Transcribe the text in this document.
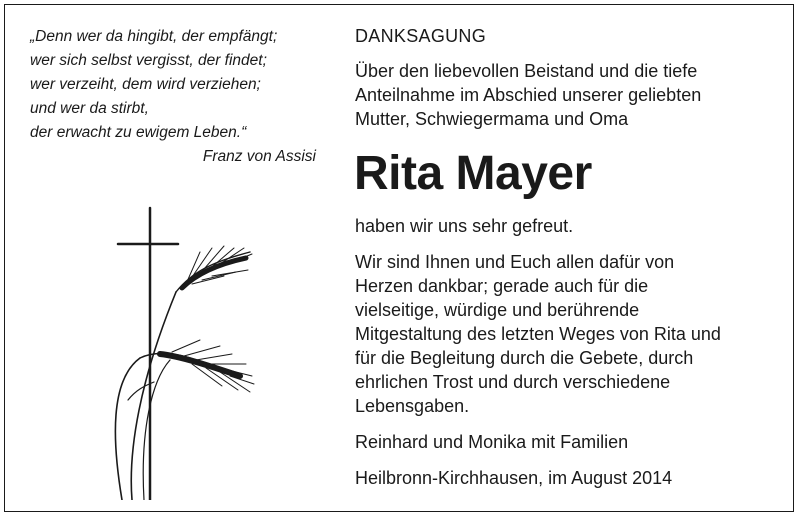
„Denn wer da hingibt, der empfängt;
wer sich selbst vergisst, der findet;
wer verzeiht, dem wird verziehen;
und wer da stirbt,
der erwacht zu ewigem Leben.“
Franz von Assisi
DANKSAGUNG

Über den liebevollen Beistand und die tiefe
Anteilnahme im Abschied unserer geliebten
Mutter, Schwiegermama und Oma

Rita Mayer

haben wir uns sehr gefreut.

Wir sind Ihnen und Euch allen dafür von
Herzen dankbar; gerade auch für die
vielseitige, würdige und berührende
Mitgestaltung des letzten Weges von Rita und
für die Begleitung durch die Gebete, durch
ehrlichen Trost und durch verschiedene
Lebensgaben.

Reinhard und Monika mit Familien

Heilbronn-Kirchhausen, im August 2014
